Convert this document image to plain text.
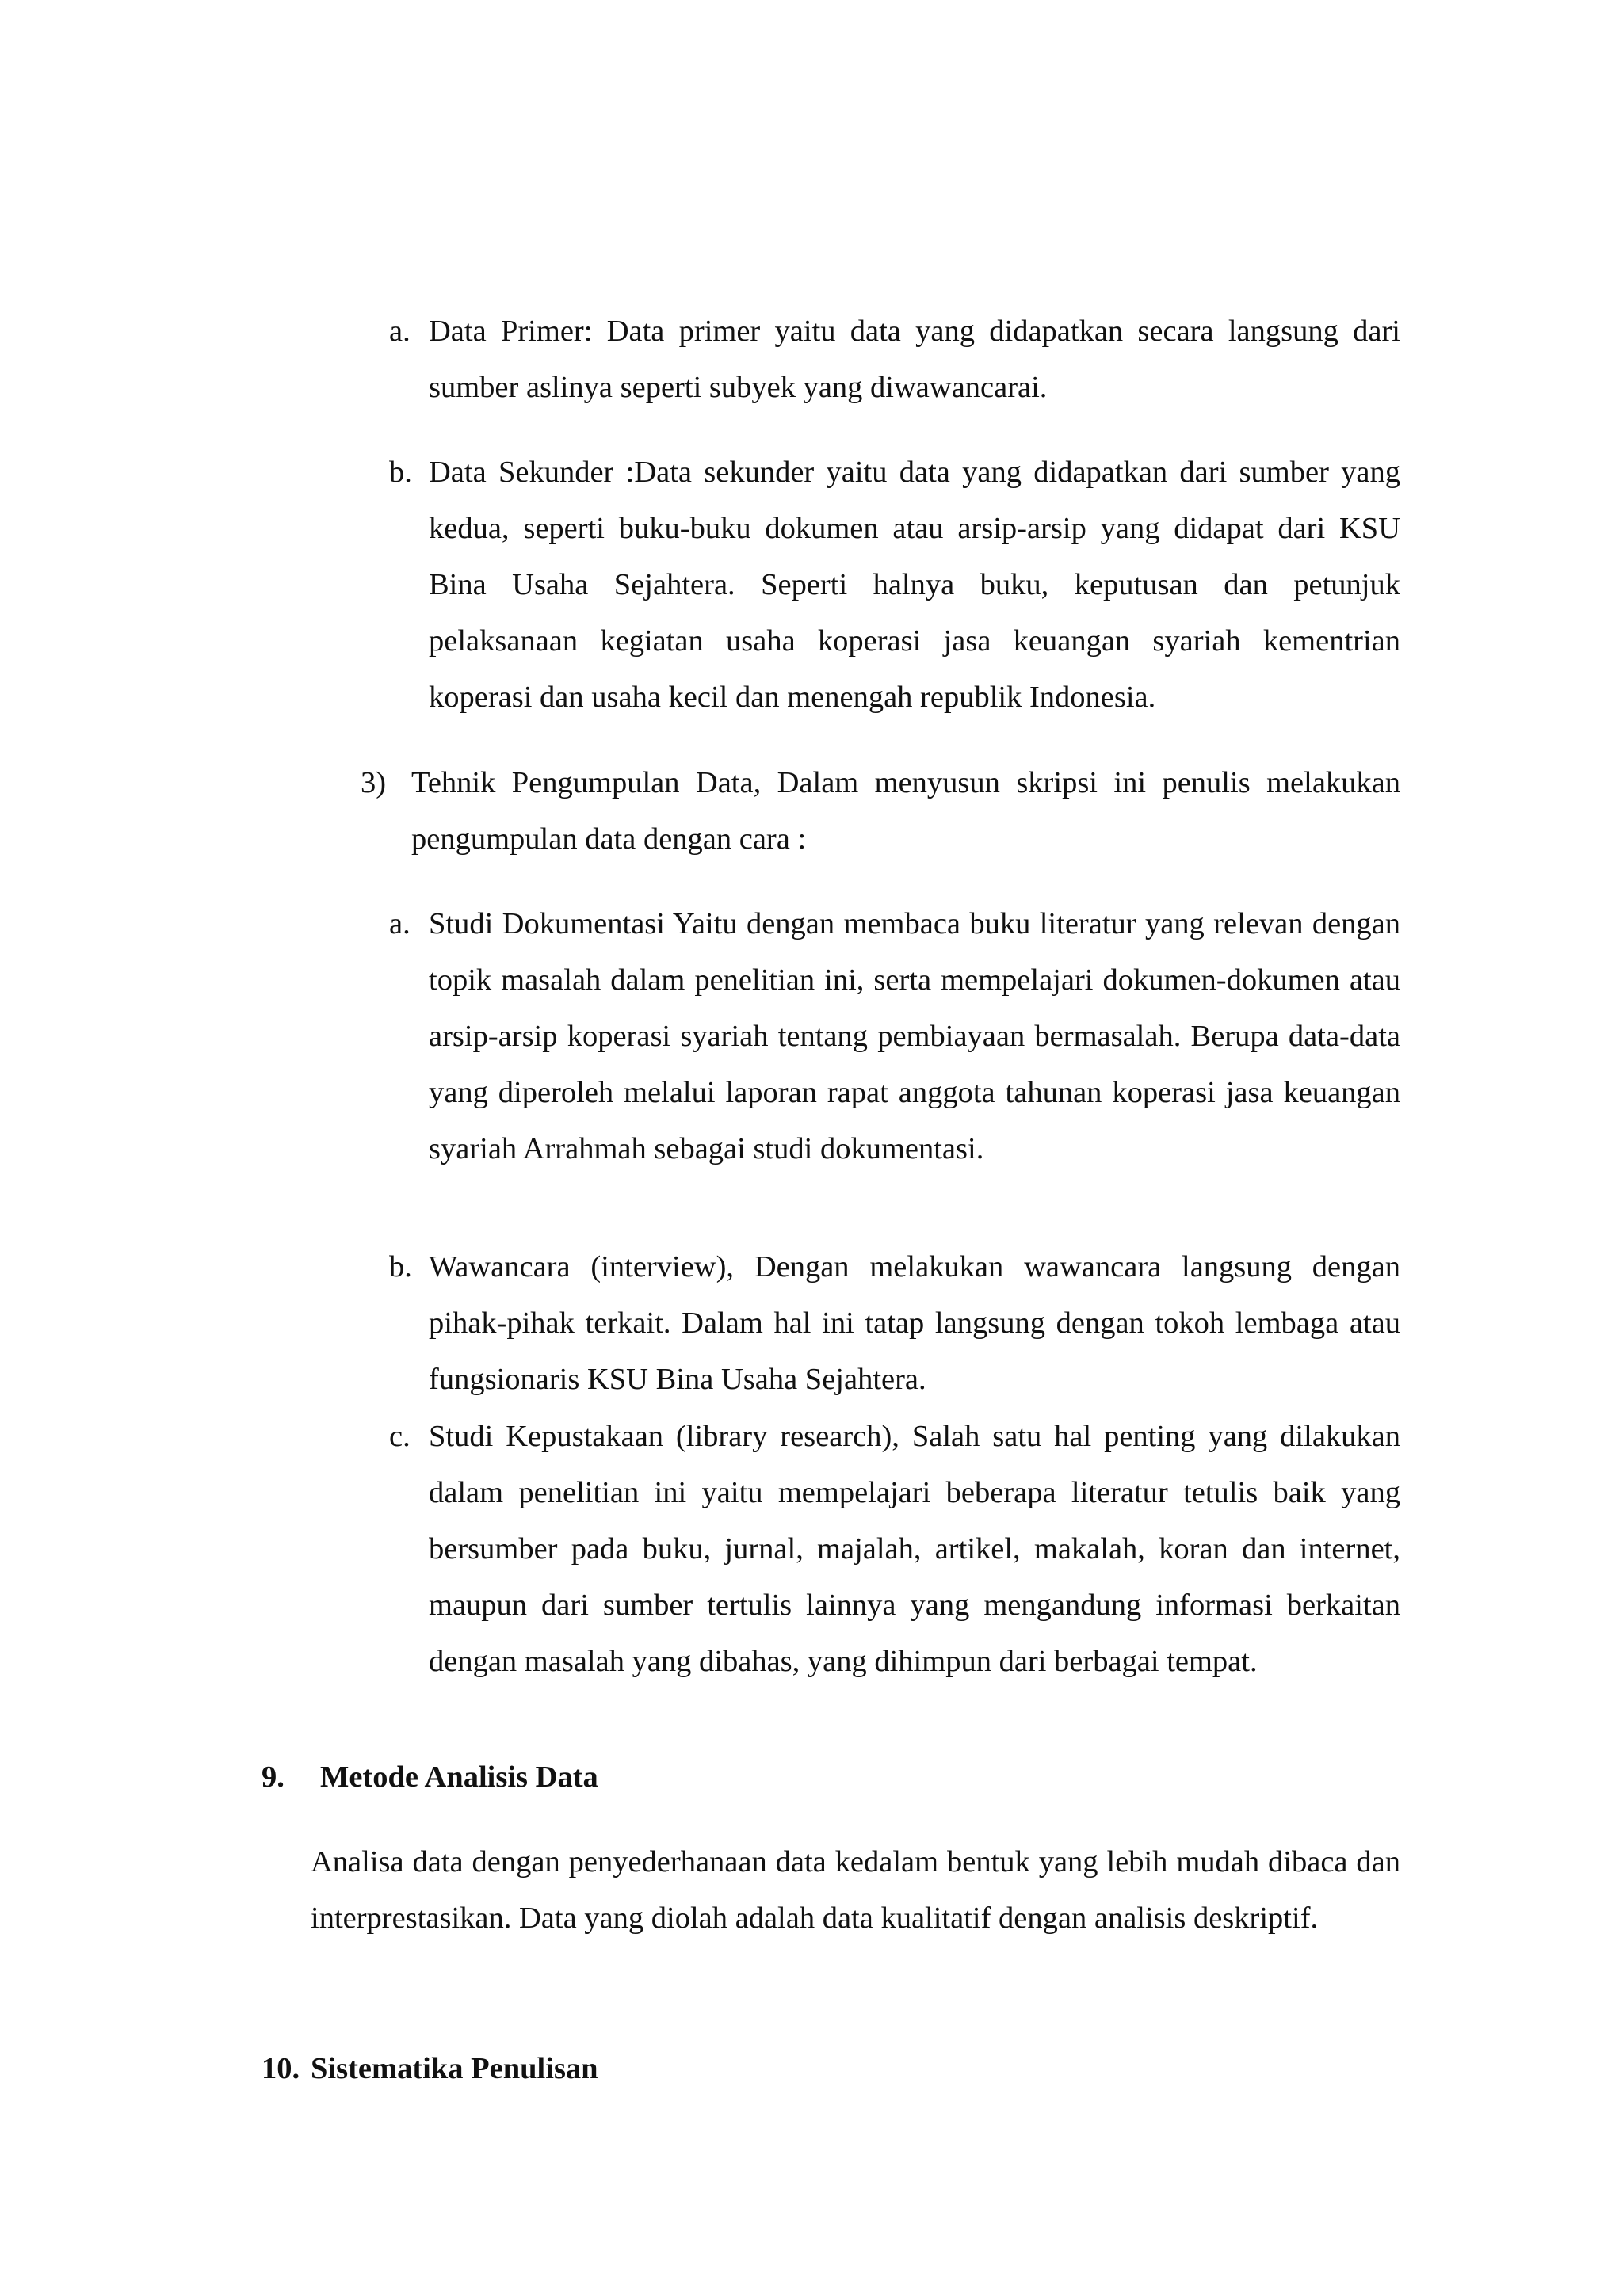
a. Data Primer: Data primer yaitu data yang didapatkan secara langsung dari sumber aslinya seperti subyek yang diwawancarai.
b. Data Sekunder :Data sekunder yaitu data yang didapatkan dari sumber yang kedua, seperti buku-buku dokumen atau arsip-arsip yang didapat dari KSU Bina Usaha Sejahtera. Seperti halnya buku, keputusan dan petunjuk pelaksanaan kegiatan usaha koperasi jasa keuangan syariah kementrian koperasi dan usaha kecil dan menengah republik Indonesia.
3) Tehnik Pengumpulan Data, Dalam menyusun skripsi ini penulis melakukan pengumpulan data dengan cara :
a. Studi Dokumentasi Yaitu dengan membaca buku literatur yang relevan dengan topik masalah dalam penelitian ini, serta mempelajari dokumen-dokumen atau arsip-arsip koperasi syariah tentang pembiayaan bermasalah. Berupa data-data yang diperoleh melalui laporan rapat anggota tahunan koperasi jasa keuangan syariah Arrahmah sebagai studi dokumentasi.
b. Wawancara (interview), Dengan melakukan wawancara langsung dengan pihak-pihak terkait. Dalam hal ini tatap langsung dengan tokoh lembaga atau fungsionaris KSU Bina Usaha Sejahtera.
c. Studi Kepustakaan (library research), Salah satu hal penting yang dilakukan dalam penelitian ini yaitu mempelajari beberapa literatur tetulis baik yang bersumber pada buku, jurnal, majalah, artikel, makalah, koran dan internet, maupun dari sumber tertulis lainnya yang mengandung informasi berkaitan dengan masalah yang dibahas, yang dihimpun dari berbagai tempat.
9. Metode Analisis Data
Analisa data dengan penyederhanaan data kedalam bentuk yang lebih mudah dibaca dan interprestasikan. Data yang diolah adalah data kualitatif dengan analisis deskriptif.
10. Sistematika Penulisan
